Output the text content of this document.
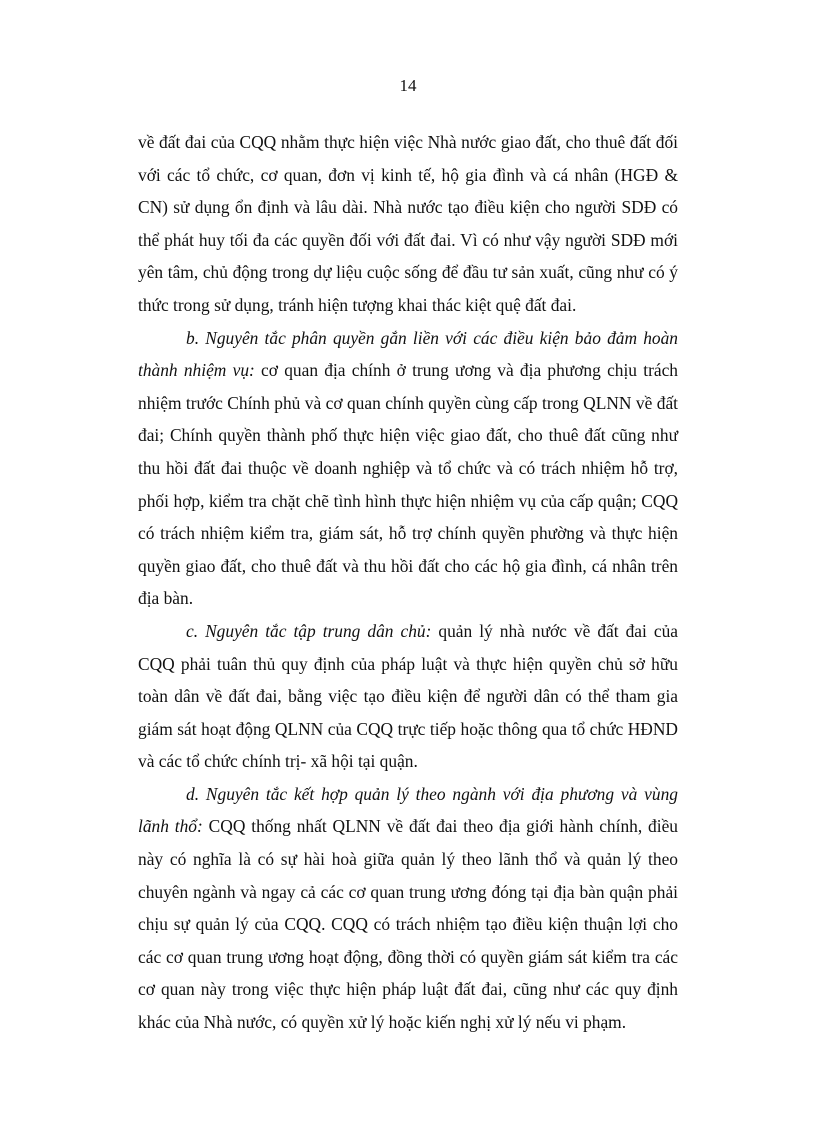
14

về đất đai của CQQ nhằm thực hiện việc Nhà nước giao đất, cho thuê đất đối với các tổ chức, cơ quan, đơn vị kinh tế, hộ gia đình và cá nhân (HGĐ & CN) sử dụng ổn định và lâu dài. Nhà nước tạo điều kiện cho người SDĐ có thể phát huy tối đa các quyền đối với đất đai. Vì có như vậy người SDĐ mới yên tâm, chủ động trong dự liệu cuộc sống để đầu tư sản xuất, cũng như có ý thức trong sử dụng, tránh hiện tượng khai thác kiệt quệ đất đai.

b. Nguyên tắc phân quyền gắn liền với các điều kiện bảo đảm hoàn thành nhiệm vụ: cơ quan địa chính ở trung ương và địa phương chịu trách nhiệm trước Chính phủ và cơ quan chính quyền cùng cấp trong QLNN về đất đai; Chính quyền thành phố thực hiện việc giao đất, cho thuê đất cũng như thu hồi đất đai thuộc về doanh nghiệp và tổ chức và có trách nhiệm hỗ trợ, phối hợp, kiểm tra chặt chẽ tình hình thực hiện nhiệm vụ của cấp quận; CQQ có trách nhiệm kiểm tra, giám sát, hỗ trợ chính quyền phường và thực hiện quyền giao đất, cho thuê đất và thu hồi đất cho các hộ gia đình, cá nhân trên địa bàn.

c. Nguyên tắc tập trung dân chủ: quản lý nhà nước về đất đai của CQQ phải tuân thủ quy định của pháp luật và thực hiện quyền chủ sở hữu toàn dân về đất đai, bằng việc tạo điều kiện để người dân có thể tham gia giám sát hoạt động QLNN của CQQ trực tiếp hoặc thông qua tổ chức HĐND và các tổ chức chính trị- xã hội tại quận.

d. Nguyên tắc kết hợp quản lý theo ngành với địa phương và vùng lãnh thổ: CQQ thống nhất QLNN về đất đai theo địa giới hành chính, điều này có nghĩa là có sự hài hoà giữa quản lý theo lãnh thổ và quản lý theo chuyên ngành và ngay cả các cơ quan trung ương đóng tại địa bàn quận phải chịu sự quản lý của CQQ. CQQ có trách nhiệm tạo điều kiện thuận lợi cho các cơ quan trung ương hoạt động, đồng thời có quyền giám sát kiểm tra các cơ quan này trong việc thực hiện pháp luật đất đai, cũng như các quy định khác của Nhà nước, có quyền xử lý hoặc kiến nghị xử lý nếu vi phạm.
